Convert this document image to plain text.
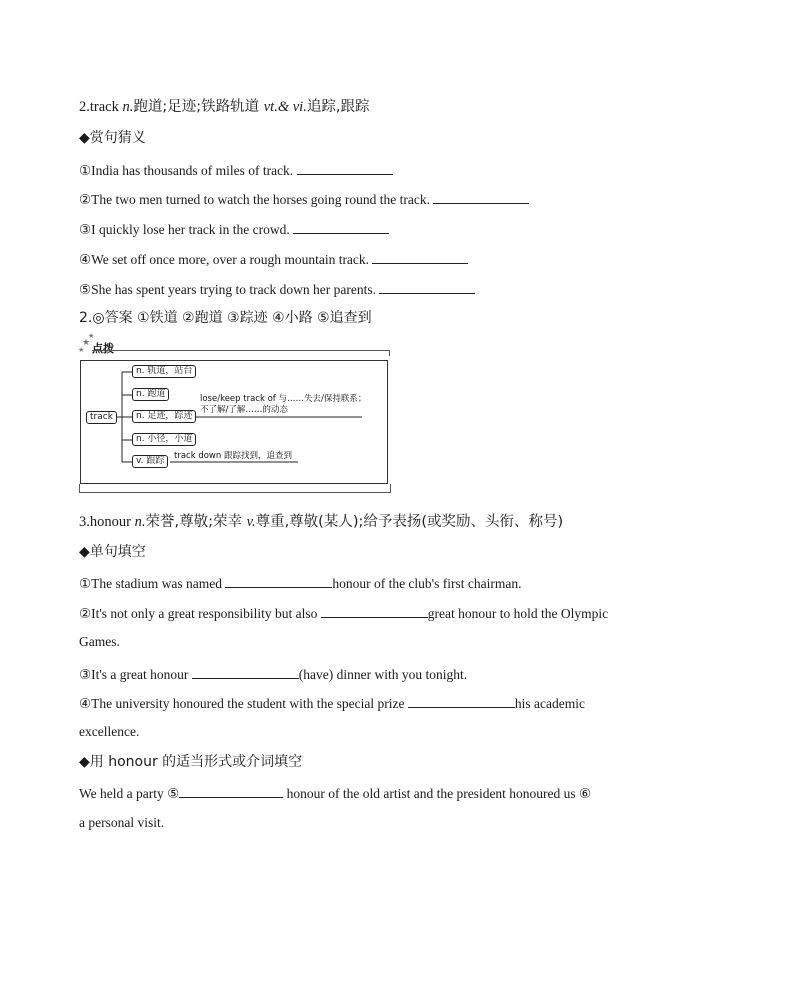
2.track n.跑道;足迹;铁路轨道 vt.& vi.追踪,跟踪
◆赏句猜义
①India has thousands of miles of track.
②The two men turned to watch the horses going round the track.
③I quickly lose her track in the crowd.
④We set off once more, over a rough mountain track.
⑤She has spent years trying to track down her parents.
2.◎答案 ①铁道 ②跑道 ③踪迹 ④小路 ⑤追查到
★
★
★ 点拨
track
n. 轨道，站台
n. 跑道
n. 足迹，踪迹
n. 小径，小道
v. 跟踪
lose/keep track of 与……失去/保持联系；
不了解/了解……的动态
track down 跟踪找到，追查到
3.honour n.荣誉,尊敬;荣幸 v.尊重,尊敬(某人);给予表扬(或奖励、头衔、称号)
◆单句填空
①The stadium was named	honour of the club's first chairman.
②It's not only a great responsibility but also	great honour to hold the Olympic
Games.
③It's a great honour	(have) dinner with you tonight.
④The university honoured the student with the special prize	his academic
excellence.
◆用 honour 的适当形式或介词填空
We held a party ⑤	honour of the old artist and the president honoured us ⑥
a personal visit.
